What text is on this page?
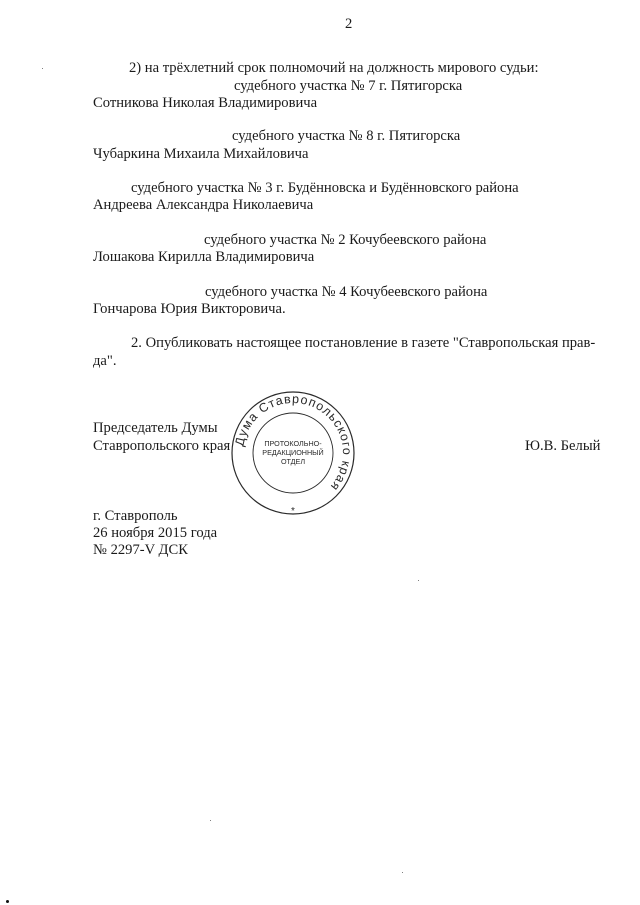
2
2) на трёхлетний срок полномочий на должность мирового судьи:
судебного участка № 7 г. Пятигорска
Сотникова Николая Владимировича
судебного участка № 8 г. Пятигорска
Чубаркина Михаила Михайловича
судебного участка № 3 г. Будённовска и Будённовского района
Андреева Александра Николаевича
судебного участка № 2 Кочубеевского района
Лошакова Кирилла Владимировича
судебного участка № 4 Кочубеевского района
Гончарова Юрия Викторовича.
2. Опубликовать настоящее постановление в газете "Ставропольская прав-
да".
Председатель Думы
Ставропольского края	Ю.В. Белый
Дума Ставропольского края
ПРОТОКОЛЬНО-
РЕДАКЦИОННЫЙ
ОТДЕЛ
*
г. Ставрополь
26 ноября 2015 года
№ 2297-V ДСК
